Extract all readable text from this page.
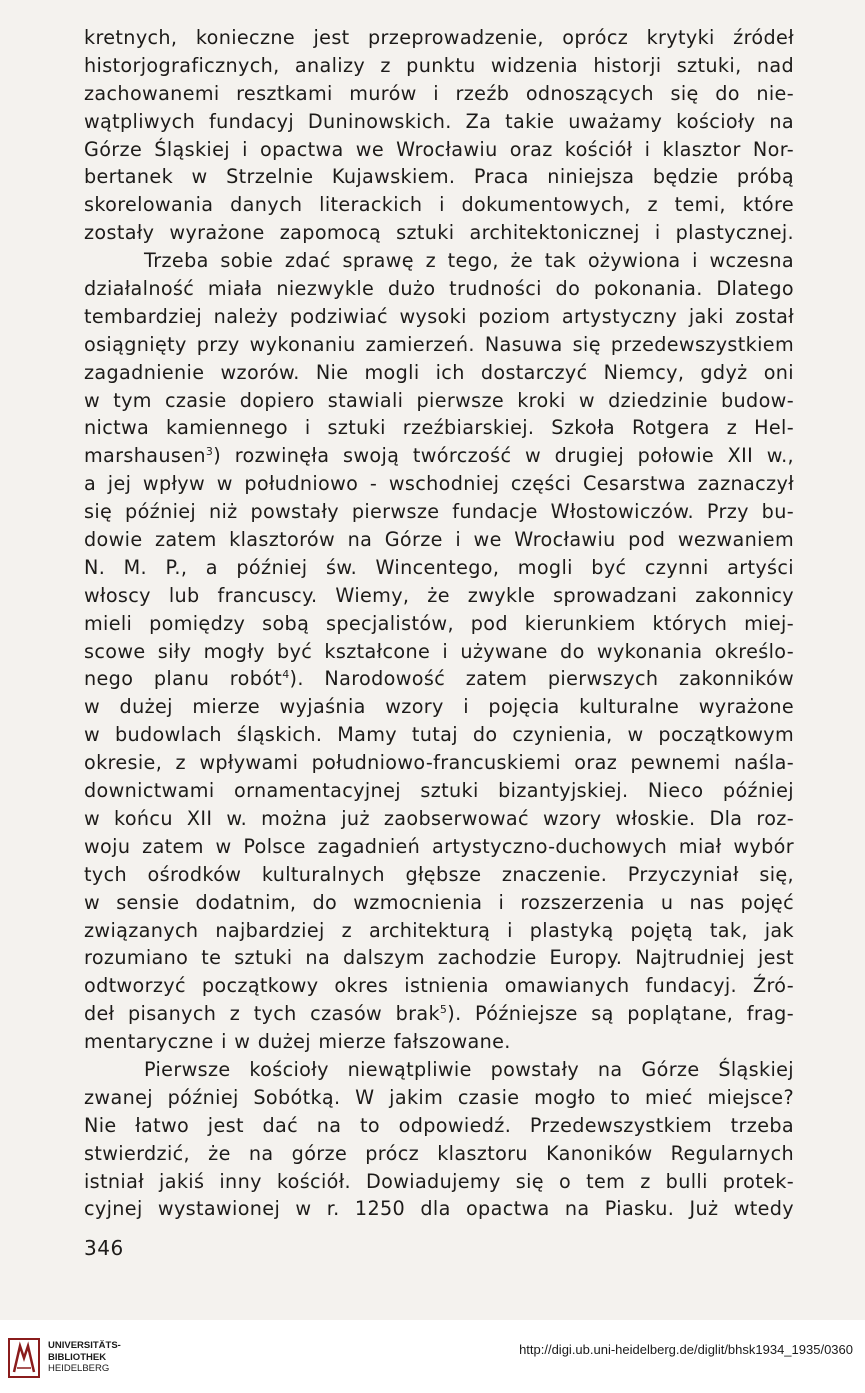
kretnych, konieczne jest przeprowadzenie, oprócz krytyki źródeł
historjograficznych, analizy z punktu widzenia historji sztuki, nad
zachowanemi resztkami murów i rzeźb odnoszących się do nie-
wątpliwych fundacyj Duninowskich. Za takie uważamy kościoły na
Górze Śląskiej i opactwa we Wrocławiu oraz kościół i klasztor Nor-
bertanek w Strzelnie Kujawskiem. Praca niniejsza będzie próbą
skorelowania danych literackich i dokumentowych, z temi, które
zostały wyrażone zapomocą sztuki architektonicznej i plastycznej.
Trzeba sobie zdać sprawę z tego, że tak ożywiona i wczesna
działalność miała niezwykle dużo trudności do pokonania. Dlatego
tembardziej należy podziwiać wysoki poziom artystyczny jaki został
osiągnięty przy wykonaniu zamierzeń. Nasuwa się przedewszystkiem
zagadnienie wzorów. Nie mogli ich dostarczyć Niemcy, gdyż oni
w tym czasie dopiero stawiali pierwsze kroki w dziedzinie budow-
nictwa kamiennego i sztuki rzeźbiarskiej. Szkoła Rotgera z Hel-
marshausen$^3$) rozwinęła swoją twórczość w drugiej połowie XII w.,
a jej wpływ w południowo - wschodniej części Cesarstwa zaznaczył
się później niż powstały pierwsze fundacje Włostowiczów. Przy bu-
dowie zatem klasztorów na Górze i we Wrocławiu pod wezwaniem
N. M. P., a później św. Wincentego, mogli być czynni artyści
włoscy lub francuscy. Wiemy, że zwykle sprowadzani zakonnicy
mieli pomiędzy sobą specjalistów, pod kierunkiem których miej-
scowe siły mogły być kształcone i używane do wykonania określo-
nego planu robót$^4$). Narodowość zatem pierwszych zakonników
w dużej mierze wyjaśnia wzory i pojęcia kulturalne wyrażone
w budowlach śląskich. Mamy tutaj do czynienia, w początkowym
okresie, z wpływami południowo-francuskiemi oraz pewnemi naśla-
downictwami ornamentacyjnej sztuki bizantyjskiej. Nieco później
w końcu XII w. można już zaobserwować wzory włoskie. Dla roz-
woju zatem w Polsce zagadnień artystyczno-duchowych miał wybór
tych ośrodków kulturalnych głębsze znaczenie. Przyczyniał się,
w sensie dodatnim, do wzmocnienia i rozszerzenia u nas pojęć
związanych najbardziej z architekturą i plastyką pojętą tak, jak
rozumiano te sztuki na dalszym zachodzie Europy. Najtrudniej jest
odtworzyć początkowy okres istnienia omawianych fundacyj. Źró-
deł pisanych z tych czasów brak$^5$). Późniejsze są poplątane, frag-
mentaryczne i w dużej mierze fałszowane.
Pierwsze kościoły niewątpliwie powstały na Górze Śląskiej
zwanej później Sobótką. W jakim czasie mogło to mieć miejsce?
Nie łatwo jest dać na to odpowiedź. Przedewszystkiem trzeba
stwierdzić, że na górze prócz klasztoru Kanoników Regularnych
istniał jakiś inny kościół. Dowiadujemy się o tem z bulli protek-
cyjnej wystawionej w r. 1250 dla opactwa na Piasku. Już wtedy
346
UNIVERSITÄTS-
BIBLIOTHEK
HEIDELBERG
http://digi.ub.uni-heidelberg.de/diglit/bhsk1934_1935/0360
